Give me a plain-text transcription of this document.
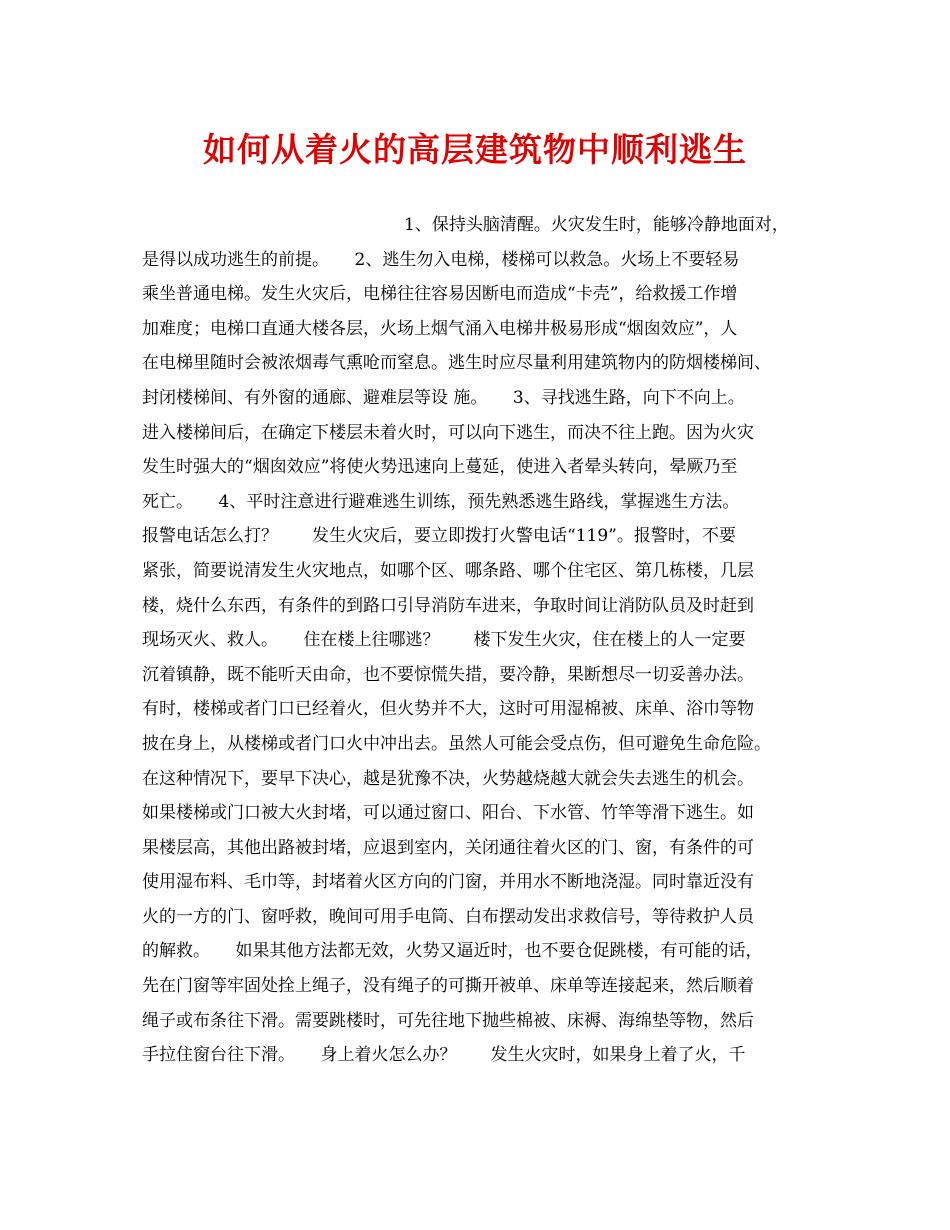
如何从着火的高层建筑物中顺利逃生
1、保持头脑清醒。火灾发生时，能够冷静地面对，
是得以成功逃生的前提。　　2、逃生勿入电梯，楼梯可以救急。火场上不要轻易
乘坐普通电梯。发生火灾后，电梯往往容易因断电而造成“卡壳”，给救援工作增
加难度；电梯口直通大楼各层，火场上烟气涌入电梯井极易形成“烟囱效应”，人
在电梯里随时会被浓烟毒气熏呛而窒息。逃生时应尽量利用建筑物内的防烟楼梯间、
封闭楼梯间、有外窗的通廊、避难层等设 施。　　3、寻找逃生路，向下不向上。
进入楼梯间后，在确定下楼层未着火时，可以向下逃生，而决不往上跑。因为火灾
发生时强大的“烟囱效应”将使火势迅速向上蔓延，使进入者晕头转向，晕厥乃至
死亡。　　4、平时注意进行避难逃生训练，预先熟悉逃生路线，掌握逃生方法。
报警电话怎么打？　　发生火灾后，要立即拨打火警电话“119”。报警时，不要
紧张，简要说清发生火灾地点，如哪个区、哪条路、哪个住宅区、第几栋楼，几层
楼，烧什么东西，有条件的到路口引导消防车进来，争取时间让消防队员及时赶到
现场灭火、救人。　　住在楼上往哪逃？　　楼下发生火灾，住在楼上的人一定要
沉着镇静，既不能听天由命，也不要惊慌失措，要冷静，果断想尽一切妥善办法。
有时，楼梯或者门口已经着火，但火势并不大，这时可用湿棉被、床单、浴巾等物
披在身上，从楼梯或者门口火中冲出去。虽然人可能会受点伤，但可避免生命危险。
在这种情况下，要早下决心，越是犹豫不决，火势越烧越大就会失去逃生的机会。
如果楼梯或门口被大火封堵，可以通过窗口、阳台、下水管、竹竿等滑下逃生。如
果楼层高，其他出路被封堵，应退到室内，关闭通往着火区的门、窗，有条件的可
使用湿布料、毛巾等，封堵着火区方向的门窗，并用水不断地浇湿。同时靠近没有
火的一方的门、窗呼救，晚间可用手电筒、白布摆动发出求救信号，等待救护人员
的解救。　　如果其他方法都无效，火势又逼近时，也不要仓促跳楼，有可能的话，
先在门窗等牢固处拴上绳子，没有绳子的可撕开被单、床单等连接起来，然后顺着
绳子或布条往下滑。需要跳楼时，可先往地下抛些棉被、床褥、海绵垫等物，然后
手拉住窗台往下滑。　　身上着火怎么办？　　发生火灾时，如果身上着了火，千
